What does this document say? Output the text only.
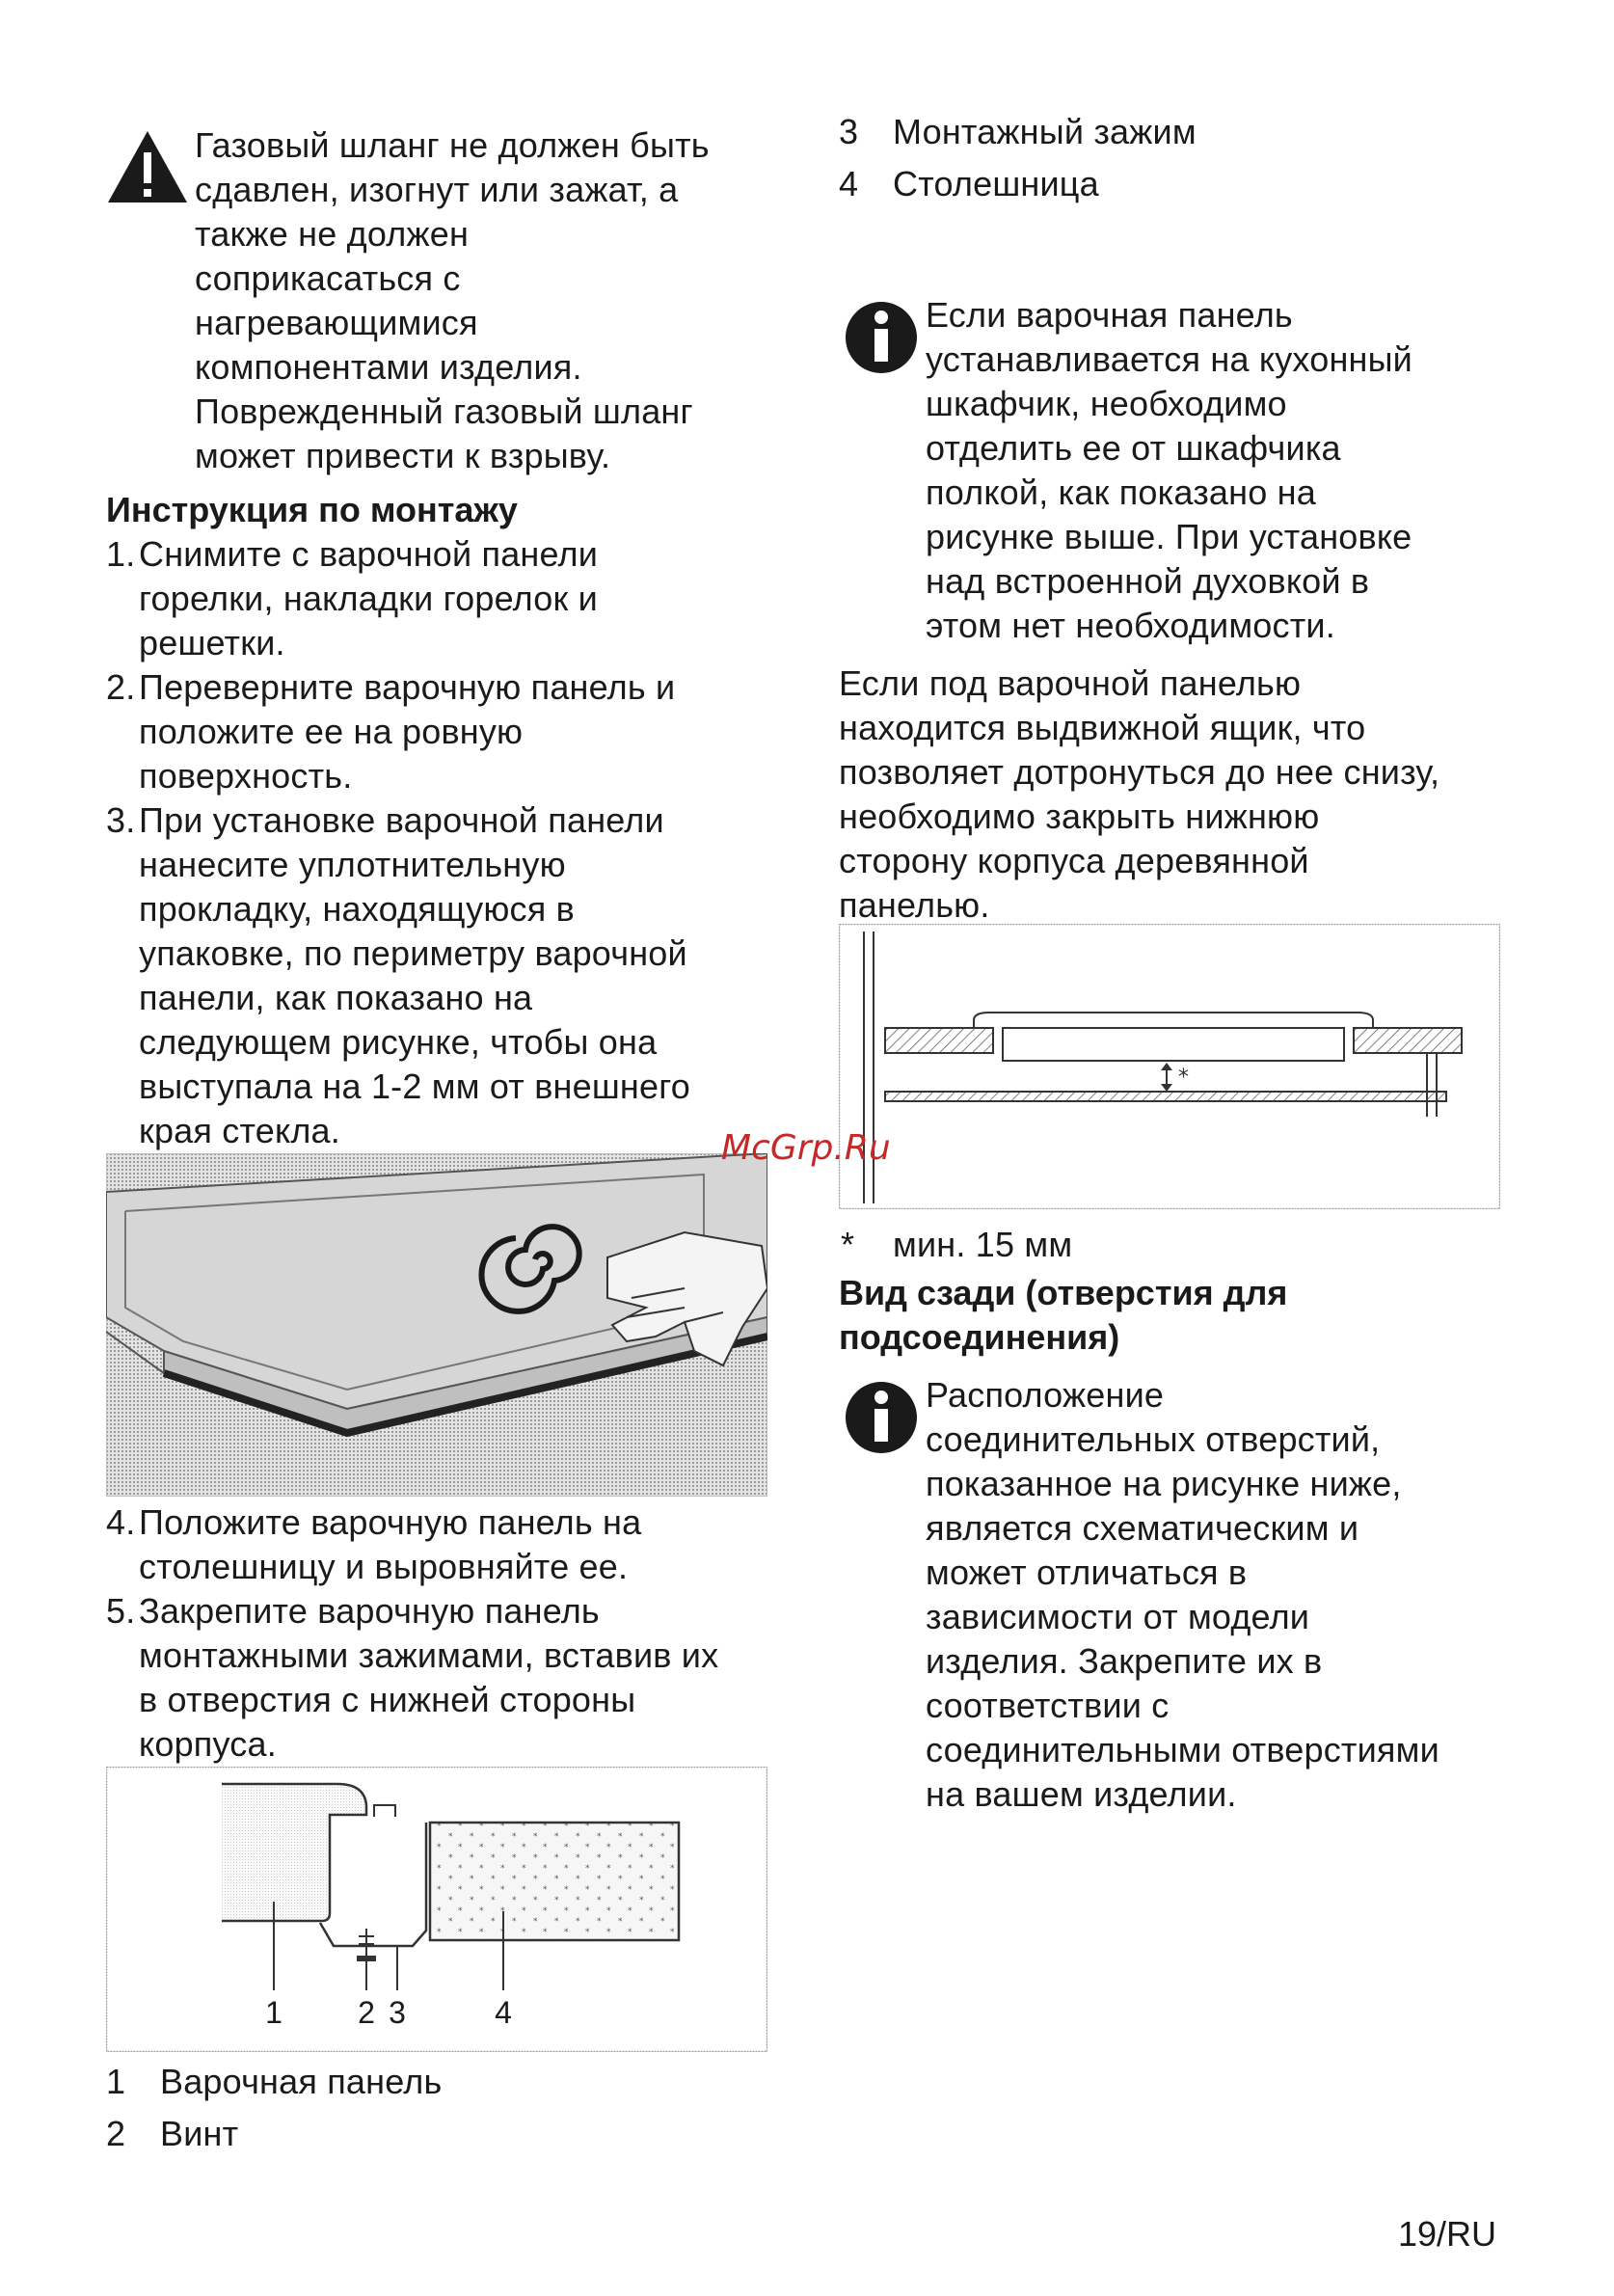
Газовый шланг не должен быть
сдавлен, изогнут или зажат, а
также не должен
соприкасаться с
нагревающимися
компонентами изделия.
Поврежденный газовый шланг
может привести к взрыву.
Инструкция по монтажу
1. Снимите с варочной панели
горелки, накладки горелок и
решетки.
2. Переверните варочную панель и
положите ее на ровную
поверхность.
3. При установке варочной панели
нанесите уплотнительную
прокладку, находящуюся в
упаковке, по периметру варочной
панели, как показано на
следующем рисунке, чтобы она
выступала на 1-2 мм от внешнего
края стекла.
4. Положите варочную панель на
столешницу и выровняйте ее.
5. Закрепите варочную панель
монтажными зажимами, вставив их
в отверстия с нижней стороны
корпуса.
1 2 3	4
1 Варочная панель
2 Винт
3 Монтажный зажим
4 Столешница
Если варочная панель
устанавливается на кухонный
шкафчик, необходимо
отделить ее от шкафчика
полкой, как показано на
рисунке выше. При установке
над встроенной духовкой в
этом нет необходимости.
Если под варочной панелью
находится выдвижной ящик, что
позволяет дотронуться до нее снизу,
необходимо закрыть нижнюю
сторону корпуса деревянной
панелью.
*
* мин. 15 мм
Вид сзади (отверстия для
подсоединения)
Расположение
соединительных отверстий,
показанное на рисунке ниже,
является схематическим и
может отличаться в
зависимости от модели
изделия. Закрепите их в
соответствии с
соединительными отверстиями
на вашем изделии.
McGrp.Ru
19/RU
